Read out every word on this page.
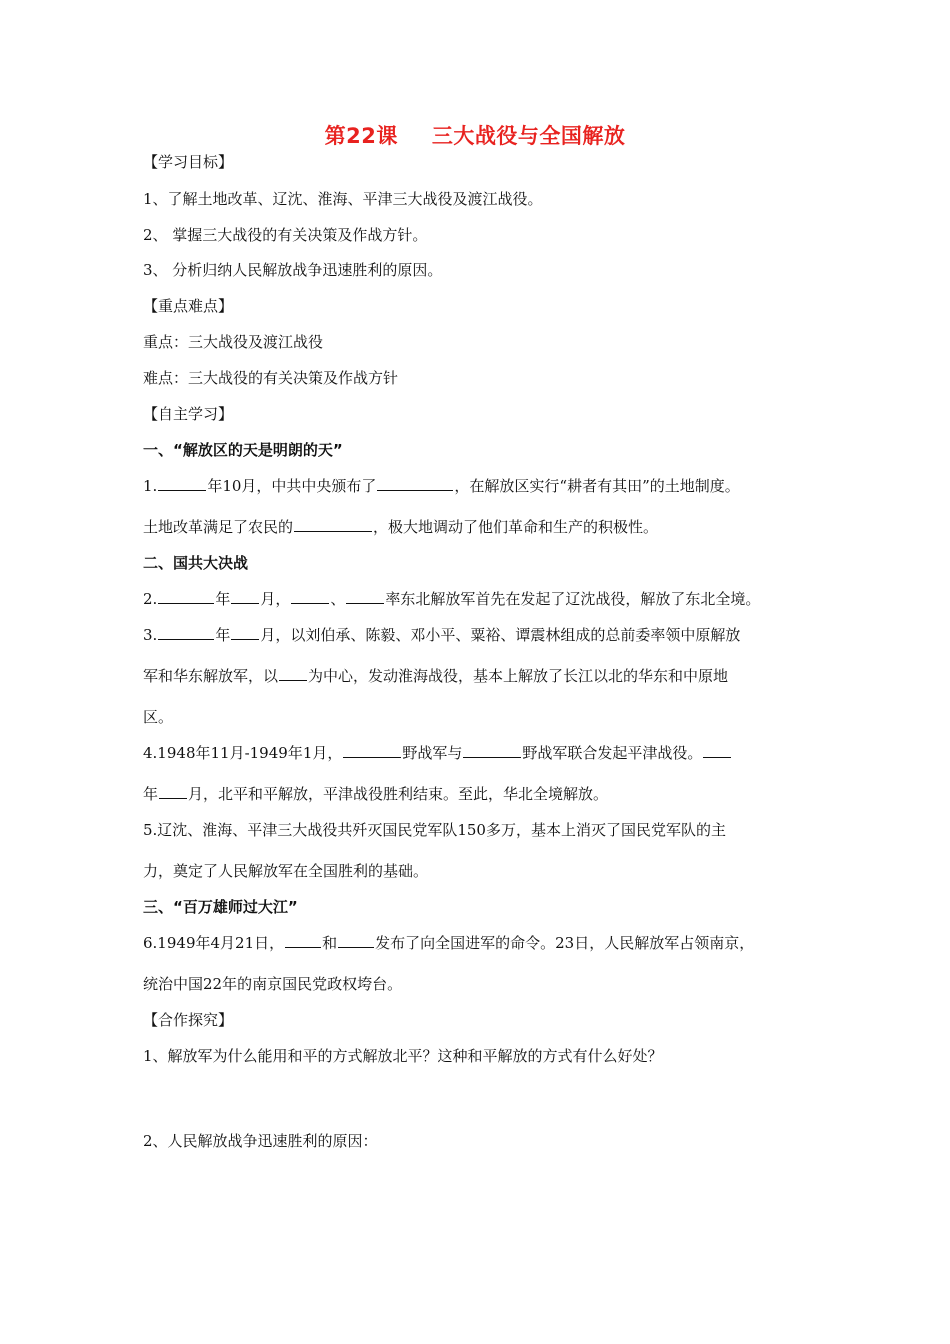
第22课 三大战役与全国解放
【学习目标】
1、了解土地改革、辽沈、淮海、平津三大战役及渡江战役。
2、 掌握三大战役的有关决策及作战方针。
3、 分析归纳人民解放战争迅速胜利的原因。
【重点难点】
重点：三大战役及渡江战役
难点：三大战役的有关决策及作战方针
【自主学习】
一、“解放区的天是明朗的天”
1.	年10月，中共中央颁布了	，在解放区实行“耕者有其田”的土地制度。
土地改革满足了农民的	，极大地调动了他们革命和生产的积极性。
二、国共大决战
2.	年 月，	、	率东北解放军首先在发起了辽沈战役，解放了东北全境。
3.	年 月，以刘伯承、陈毅、邓小平、粟裕、谭震林组成的总前委率领中原解放
军和华东解放军，以 为中心，发动淮海战役，基本上解放了长江以北的华东和中原地
区。
4.1948年11月-1949年1月，	野战军与	野战军联合发起平津战役。
年 月，北平和平解放，平津战役胜利结束。至此，华北全境解放。
5.辽沈、淮海、平津三大战役共歼灭国民党军队150多万，基本上消灭了国民党军队的主
力，奠定了人民解放军在全国胜利的基础。
三、“百万雄师过大江”
6.1949年4月21日，	和	发布了向全国进军的命令。23日，人民解放军占领南京，
统治中国22年的南京国民党政权垮台。
【合作探究】
1、解放军为什么能用和平的方式解放北平？这种和平解放的方式有什么好处？
2、人民解放战争迅速胜利的原因：
